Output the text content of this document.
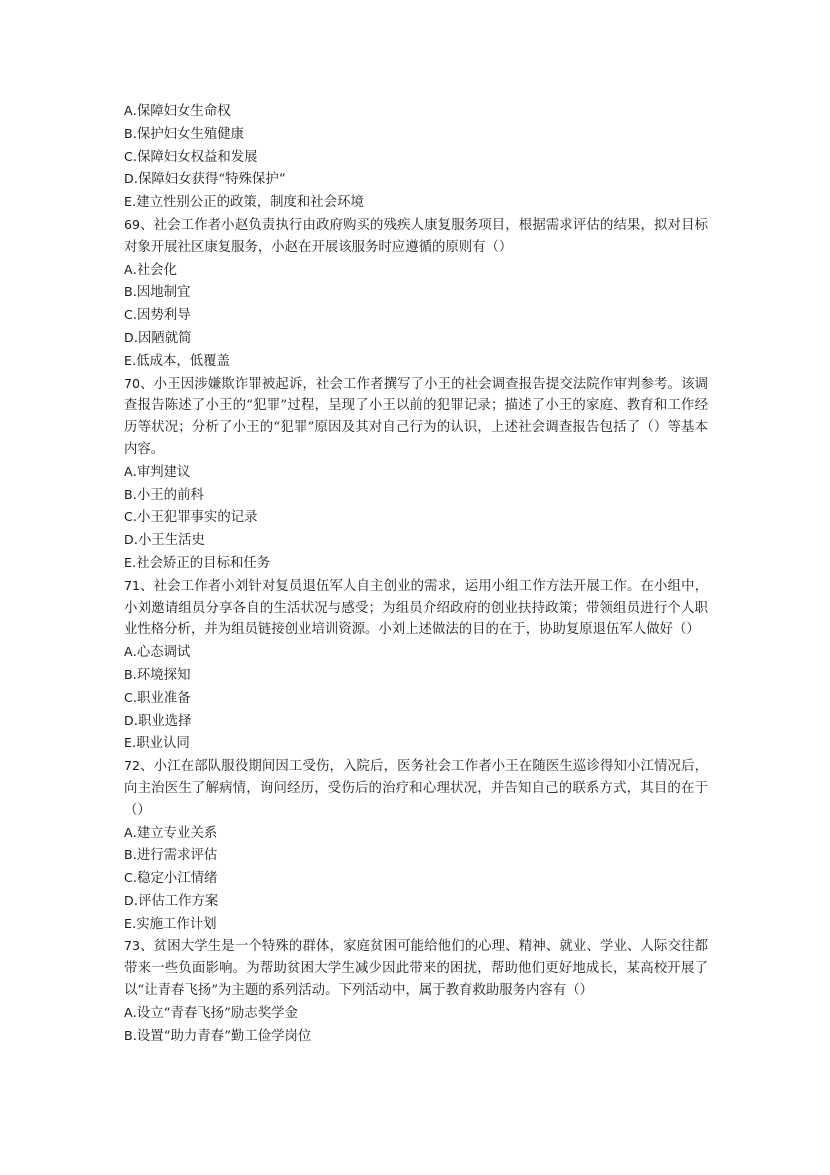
A.保障妇女生命权

B.保护妇女生殖健康

C.保障妇女权益和发展

D.保障妇女获得“特殊保护”

E.建立性别公正的政策，制度和社会环境

69、社会工作者小赵负责执行由政府购买的残疾人康复服务项目，根据需求评估的结果，拟对目标对象开展社区康复服务，小赵在开展该服务时应遵循的原则有（）

A.社会化

B.因地制宜

C.因势利导

D.因陋就简

E.低成本，低覆盖

70、小王因涉嫌欺诈罪被起诉，社会工作者撰写了小王的社会调查报告提交法院作审判参考。该调查报告陈述了小王的“犯罪”过程，呈现了小王以前的犯罪记录；描述了小王的家庭、教育和工作经历等状况；分析了小王的“犯罪”原因及其对自己行为的认识，上述社会调查报告包括了（）等基本内容。

A.审判建议

B.小王的前科

C.小王犯罪事实的记录

D.小王生活史

E.社会矫正的目标和任务

71、社会工作者小刘针对复员退伍军人自主创业的需求，运用小组工作方法开展工作。在小组中，小刘邀请组员分享各自的生活状况与感受；为组员介绍政府的创业扶持政策；带领组员进行个人职业性格分析，并为组员链接创业培训资源。小刘上述做法的目的在于，协助复原退伍军人做好（）

A.心态调试

B.环境探知

C.职业准备

D.职业选择

E.职业认同

72、小江在部队服役期间因工受伤，入院后，医务社会工作者小王在随医生巡诊得知小江情况后，向主治医生了解病情，询问经历，受伤后的治疗和心理状况，并告知自己的联系方式，其目的在于（）

A.建立专业关系

B.进行需求评估

C.稳定小江情绪

D.评估工作方案

E.实施工作计划

73、贫困大学生是一个特殊的群体，家庭贫困可能给他们的心理、精神、就业、学业、人际交往都带来一些负面影响。为帮助贫困大学生减少因此带来的困扰，帮助他们更好地成长，某高校开展了以“让青春飞扬”为主题的系列活动。下列活动中，属于教育救助服务内容有（）

A.设立“青春飞扬”励志奖学金

B.设置“助力青春”勤工俭学岗位
